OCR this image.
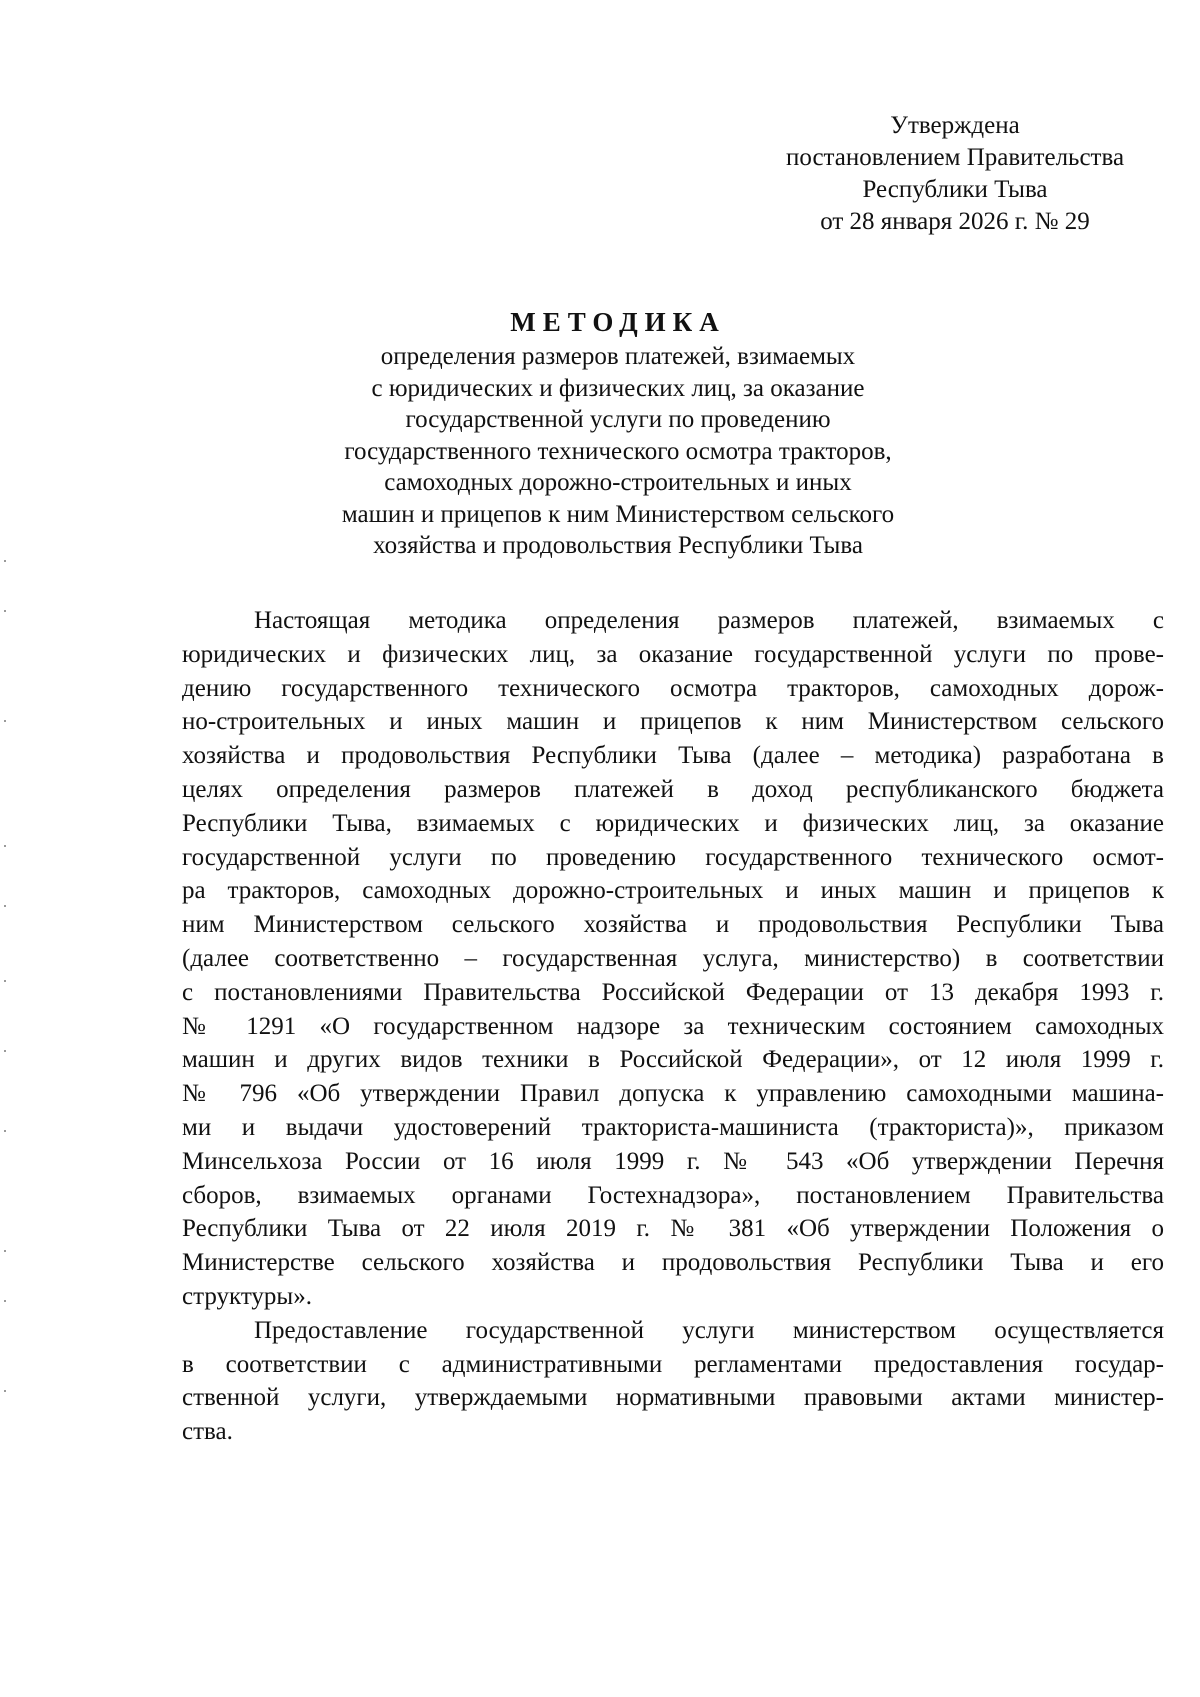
Утверждена
постановлением Правительства
Республики Тыва
от 28 января 2026 г. № 29
МЕТОДИКА
определения размеров платежей, взимаемых
с юридических и физических лиц, за оказание
государственной услуги по проведению
государственного технического осмотра тракторов,
самоходных дорожно-строительных и иных
машин и прицепов к ним Министерством сельского
хозяйства и продовольствия Республики Тыва
Настоящая методика определения размеров платежей, взимаемых с
юридических и физических лиц, за оказание государственной услуги по прове-
дению государственного технического осмотра тракторов, самоходных дорож-
но-строительных и иных машин и прицепов к ним Министерством сельского
хозяйства и продовольствия Республики Тыва (далее – методика) разработана в
целях определения размеров платежей в доход республиканского бюджета
Республики Тыва, взимаемых с юридических и физических лиц, за оказание
государственной услуги по проведению государственного технического осмот-
ра тракторов, самоходных дорожно-строительных и иных машин и прицепов к
ним Министерством сельского хозяйства и продовольствия Республики Тыва
(далее соответственно – государственная услуга, министерство) в соответствии
с постановлениями Правительства Российской Федерации от 13 декабря 1993 г.
№ 1291 «О государственном надзоре за техническим состоянием самоходных
машин и других видов техники в Российской Федерации», от 12 июля 1999 г.
№ 796 «Об утверждении Правил допуска к управлению самоходными машина-
ми и выдачи удостоверений тракториста-машиниста (тракториста)», приказом
Минсельхоза России от 16 июля 1999 г. № 543 «Об утверждении Перечня
сборов, взимаемых органами Гостехнадзора», постановлением Правительства
Республики Тыва от 22 июля 2019 г. № 381 «Об утверждении Положения о
Министерстве сельского хозяйства и продовольствия Республики Тыва и его
структуры».
Предоставление государственной услуги министерством осуществляется
в соответствии с административными регламентами предоставления государ-
ственной услуги, утверждаемыми нормативными правовыми актами министер-
ства.
